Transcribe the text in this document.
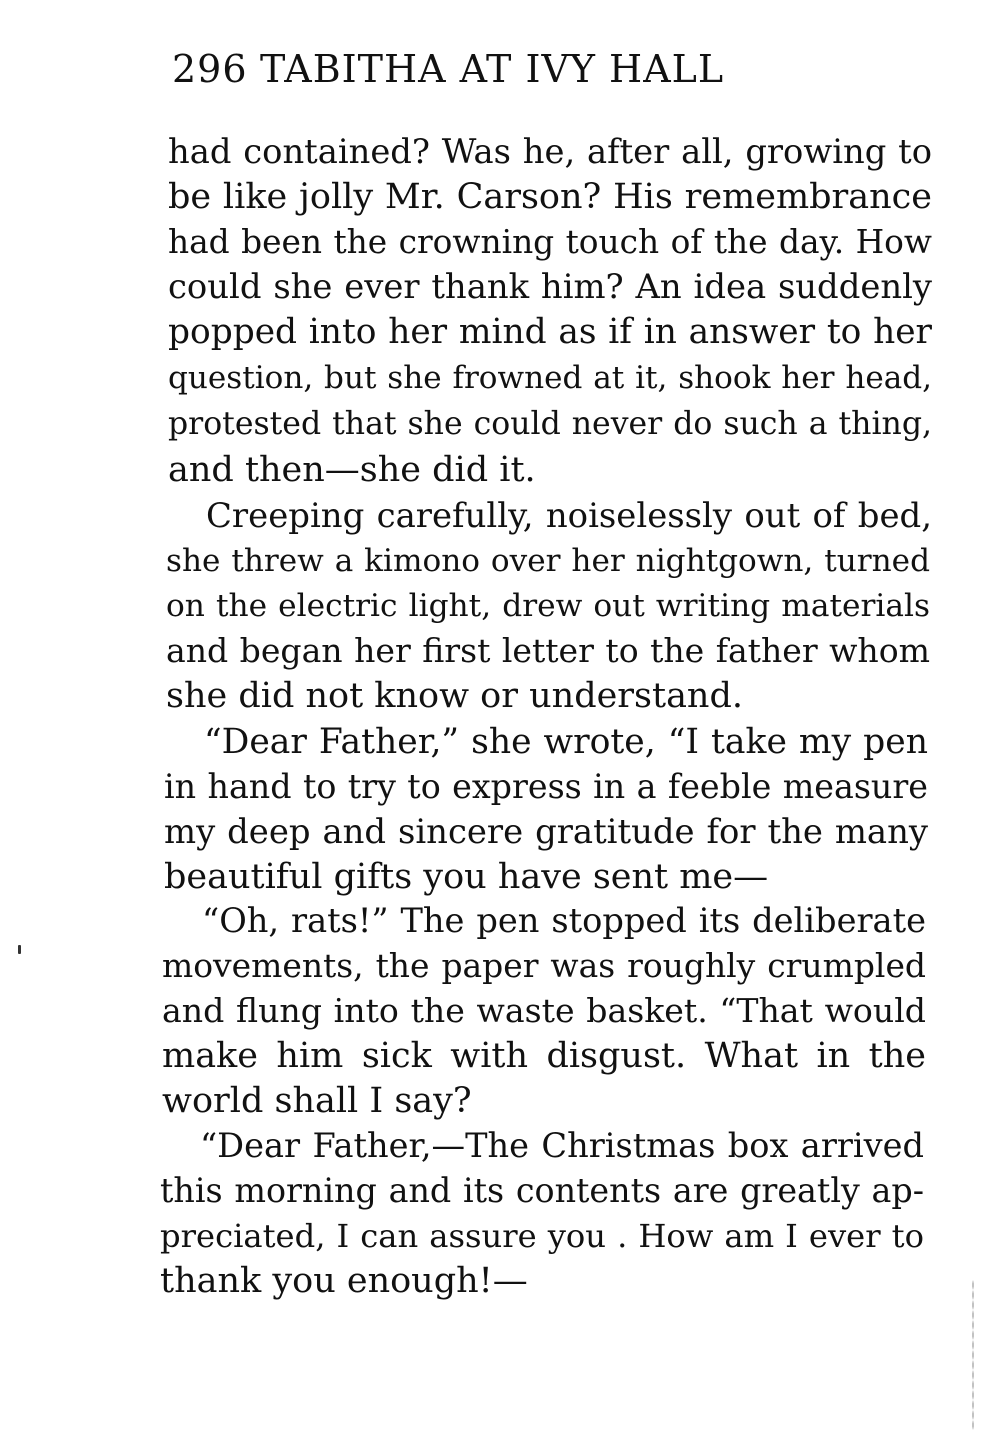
296 TABITHA AT IVY HALL
had contained? Was he, after all, growing to
be like jolly Mr. Carson? His remembrance
had been the crowning touch of the day. How
could she ever thank him? An idea suddenly
popped into her mind as if in answer to her
question, but she frowned at it, shook her head,
protested that she could never do such a thing,
and then—she did it.
Creeping carefully, noiselessly out of bed,
she threw a kimono over her nightgown, turned
on the electric light, drew out writing materials
and began her first letter to the father whom
she did not know or understand.
“Dear Father,” she wrote, “I take my pen
in hand to try to express in a feeble measure
my deep and sincere gratitude for the many
beautiful gifts you have sent me—
“Oh, rats!” The pen stopped its deliberate
movements, the paper was roughly crumpled
and flung into the waste basket. “That would
make him sick with disgust. What in the
world shall I say?
“Dear Father,—The Christmas box arrived
this morning and its contents are greatly ap-
preciated, I can assure you . How am I ever to
thank you enough!—
